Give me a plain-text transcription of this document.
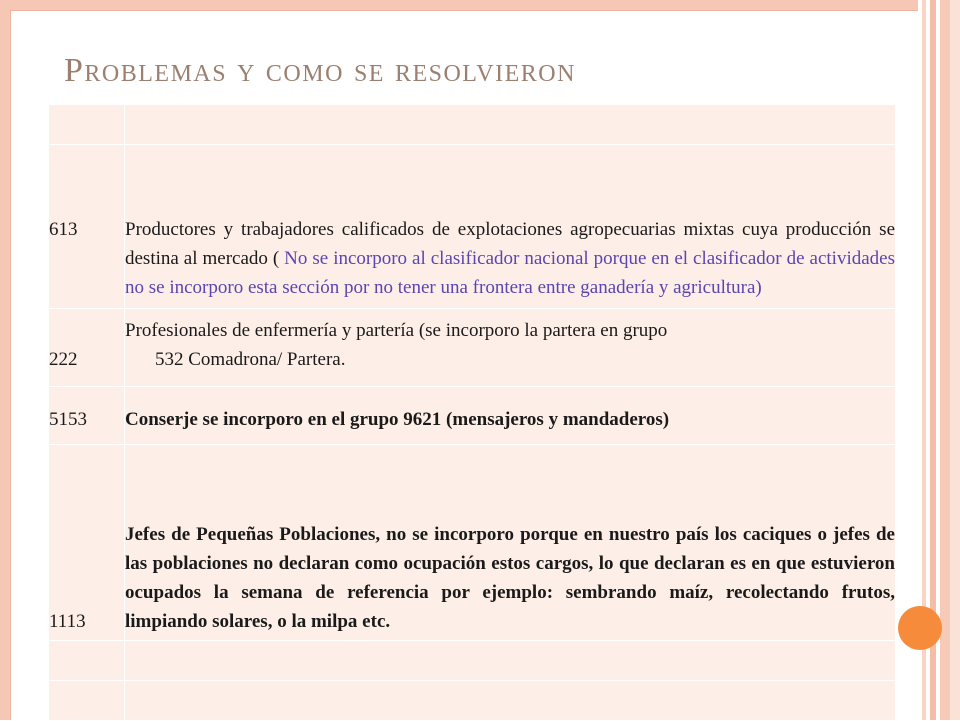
Problemas y como se resolvieron

613	Productores y trabajadores calificados de explotaciones agropecuarias mixtas cuya producción se destina al mercado ( No se incorporo al clasificador nacional porque en el clasificador de actividades no se incorporo esta sección por no tener una frontera entre ganadería y agricultura)
222	Profesionales de enfermería y partería (se incorporo la partera en grupo
532 Comadrona/ Partera.

5153	Conserje se incorporo en el grupo 9621 (mensajeros y mandaderos)
1113	Jefes de Pequeñas Poblaciones, no se incorporo porque en nuestro país los caciques o jefes de las poblaciones no declaran como ocupación estos cargos, lo que declaran es en que estuvieron ocupados la semana de referencia por ejemplo: sembrando maíz, recolectando frutos, limpiando solares, o la milpa etc.
